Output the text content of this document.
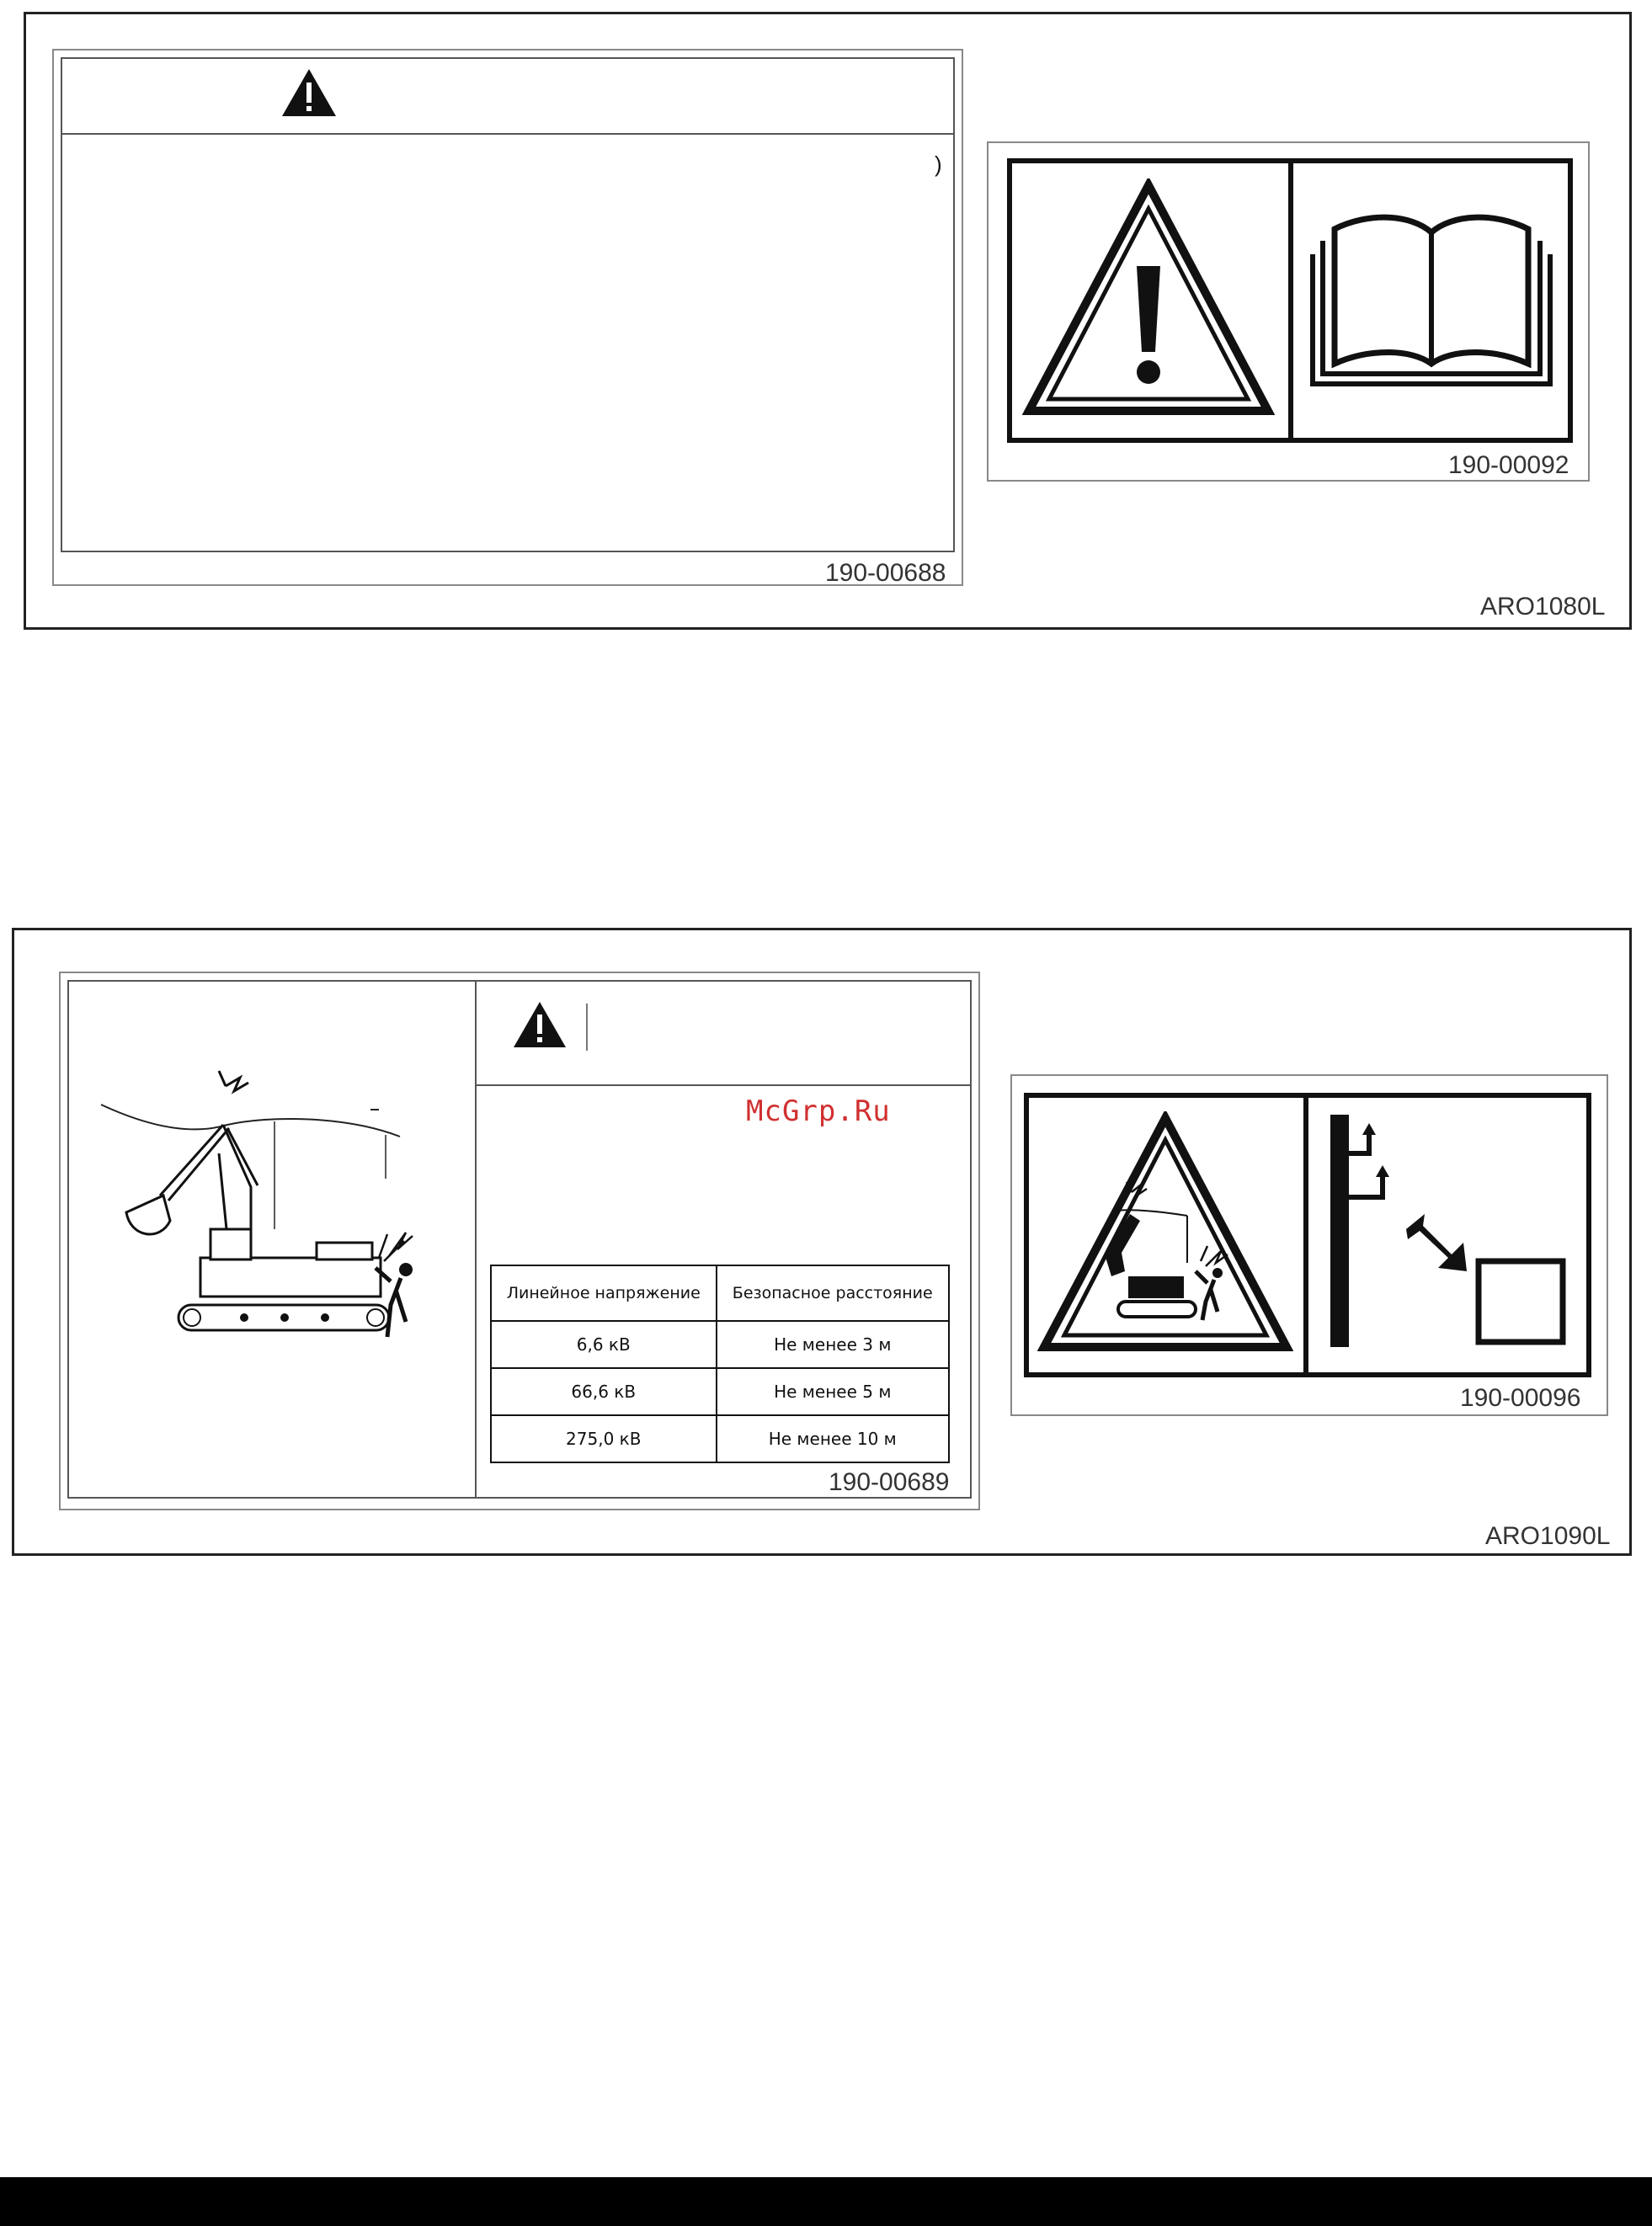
)
190-00688
190-00092
ARO1080L
Линейное напряжение	Безопасное расстояние
6,6 кВ	Не менее 3 м
66,6 кВ	Не менее 5 м
275,0 кВ	Не менее 10 м
190-00689
190-00096
ARO1090L
McGrp.Ru
